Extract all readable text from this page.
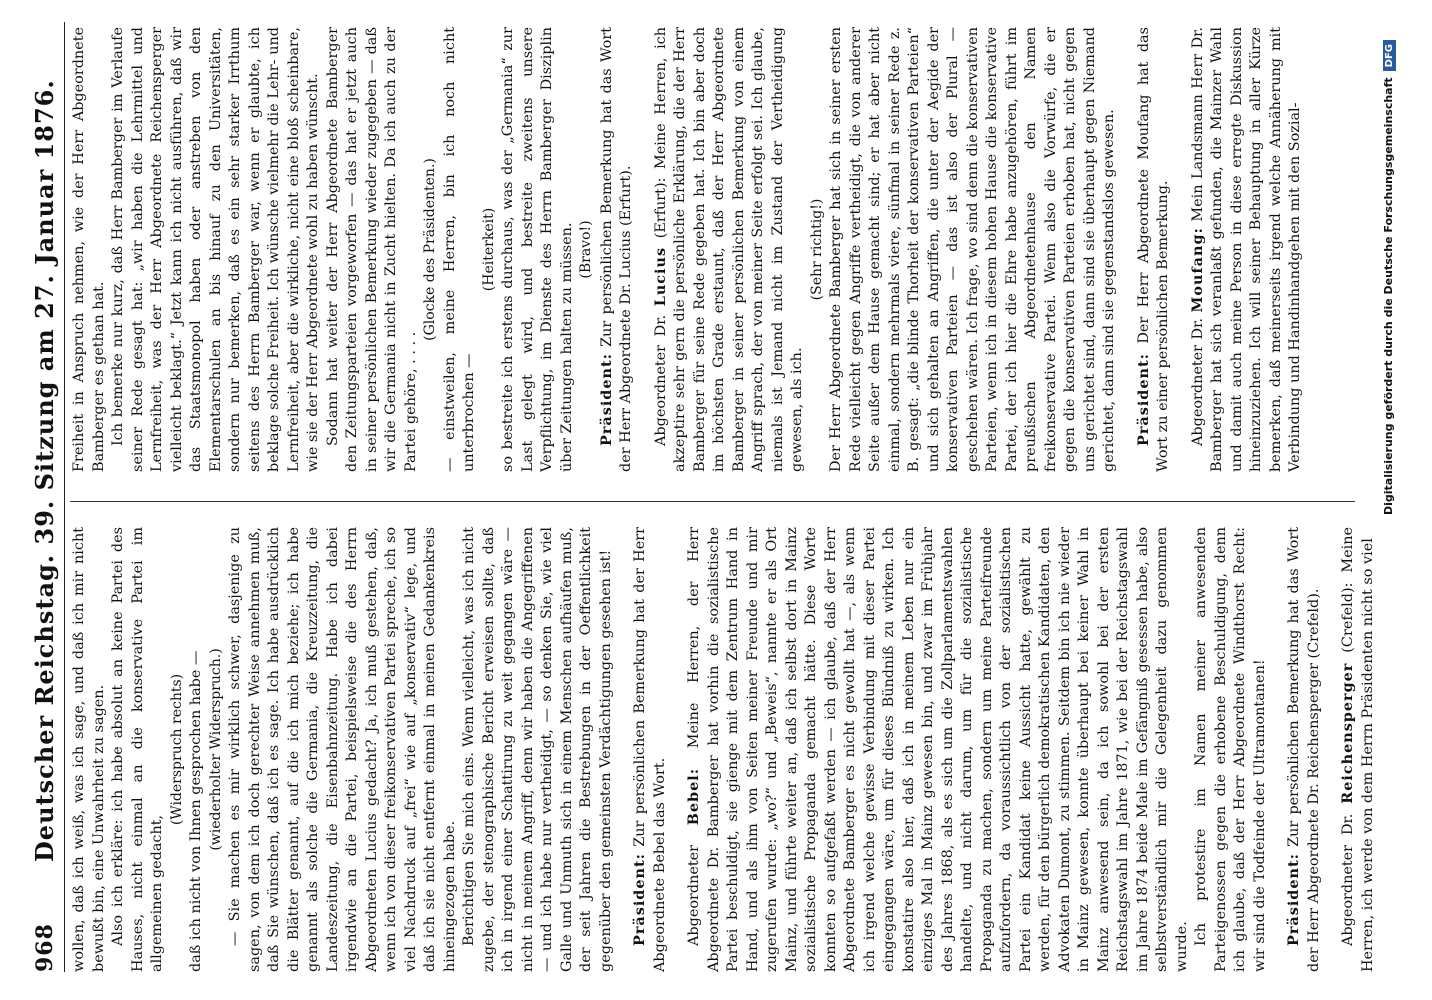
968
Deutscher Reichstag. 39. Sitzung am 27. Januar 1876. wollen, daß ich weiß, was ich sage, und daß ich mir nicht bewußt bin, eine Unwahrheit zu sagen. Also ich erkläre: ich habe absolut an keine Partei des Hauses, nicht einmal an die konservative Partei im allgemeinen gedacht,

(Widerspruch rechts) daß ich nicht von Ihnen gesprochen habe — (wiederholter Widerspruch.) — Sie machen es mir wirklich schwer, dasjenige zu sagen, von dem ich doch gerechter Weise annehmen muß, daß Sie wünschen, daß ich es sage. Ich habe ausdrücklich die Blätter genannt, auf die ich mich beziehe; ich habe genannt als solche die Germania, die Kreuzzeitung, die Landeszeitung, die Eisenbahnzeitung. Habe ich dabei irgendwie an die Partei, beispielsweise die des Herrn Abgeordneten Lucius gedacht? Ja, ich muß gestehen, daß, wenn ich von dieser freikonservativen Partei spreche, ich so viel Nachdruck auf „frei“ wie auf „konservativ“ lege, und daß ich sie nicht entfernt einmal in meinen Gedankenkreis hineingezogen habe. Berichtigen Sie mich eins. Wenn vielleicht, was ich nicht zugebe, der stenographische Bericht erweisen sollte, daß ich in irgend einer Schattirung zu weit gegangen wäre — nicht in meinem Angriff, denn wir haben die Angegriffenen — und ich habe nur vertheidigt, — so denken Sie, wie viel Galle und Unmuth sich in einem Menschen aufhäufen muß, der seit Jahren die Bestrebungen in der Oeffentlichkeit gegenüber den gemeinsten Verdächtigungen gesehen ist! Präsident: Zur persönlichen Bemerkung hat der Herr Abgeordnete Bebel das Wort. Abgeordneter Bebel: Meine Herren, der Herr Abgeordnete Dr. Bamberger hat vorhin die sozialistische Partei beschuldigt, sie gienge mit dem Zentrum Hand in Hand, und als ihm von Seiten meiner Freunde und mir zugerufen wurde: „wo?“ und „Beweis“, nannte er als Ort Mainz, und führte weiter an, daß ich selbst dort in Mainz sozialistische Propaganda gemacht hätte. Diese Worte konnten so aufgefaßt werden — ich glaube, daß der Herr Abgeordnete Bamberger es nicht gewollt hat —, als wenn ich irgend welche gewisse Verbindung mit dieser Partei eingegangen wäre, um für dieses Bündniß zu wirken. Ich konstatire also hier, daß ich in meinem Leben nur ein einziges Mal in Mainz gewesen bin, und zwar im Frühjahr des Jahres 1868, als es sich um die Zollparlamentswahlen handelte, und nicht darum, um für die sozialistische Propaganda zu machen, sondern um meine Parteifreunde aufzufordern, da voraussichtlich von der sozialistischen Partei ein Kandidat keine Aussicht hatte, gewählt zu werden, für den bürgerlich demokratischen Kandidaten, den Advokaten Dumont, zu stimmen. Seitdem bin ich nie wieder in Mainz gewesen, konnte überhaupt bei keiner Wahl in Mainz anwesend sein, da ich sowohl bei der ersten Reichstagswahl im Jahre 1871, wie bei der Reichstagswahl im Jahre 1874 beide Male im Gefängniß gesessen habe, also selbstverständlich mir die Gelegenheit dazu genommen wurde.

Ich protestire im Namen meiner anwesenden Parteigenossen gegen die erhobene Beschuldigung, denn ich glaube, daß der Herr Abgeordnete Windthorst Recht: wir sind die Todfeinde der Ultramontanen! Präsident: Zur persönlichen Bemerkung hat das Wort der Herr Abgeordnete Dr. Reichensperger (Crefeld). Abgeordneter Dr. Reichensperger (Crefeld): Meine Herren, ich werde von dem Herrn Präsidenten nicht so viel

Freiheit in Anspruch nehmen, wie der Herr Abgeordnete Bamberger es gethan hat. Ich bemerke nur kurz, daß Herr Bamberger im Verlaufe seiner Rede gesagt hat: „wir haben die Lehrmittel und Lernfreiheit, was der Herr Abgeordnete Reichensperger vielleicht beklagt.“ Jetzt kann ich nicht ausführen, daß wir das Staatsmonopol haben oder anstreben von den Elementarschulen an bis hinauf zu den Universitäten, sondern nur bemerken, daß es ein sehr starker Irrthum seitens des Herrn Bamberger war, wenn er glaubte, ich beklage solche Freiheit. Ich wünsche vielmehr die Lehr- und Lernfreiheit, aber die wirkliche, nicht eine bloß scheinbare, wie sie der Herr Abgeordnete wohl zu haben wünscht. Sodann hat weiter der Herr Abgeordnete Bamberger den Zeitungsparteien vorgeworfen — das hat er jetzt auch in seiner persönlichen Bemerkung wieder zugegeben — daß wir die Germania nicht in Zucht hielten. Da ich auch zu der Partei gehöre, . . . .

(Glocke des Präsidenten.) — einstweilen, meine Herren, bin ich noch nicht unterbrochen —

(Heiterkeit) so bestreite ich erstens durchaus, was der „Germania“ zur Last gelegt wird, und bestreite zweitens unsere Verpflichtung, im Dienste des Herrn Bamberger Disziplin über Zeitungen halten zu müssen. (Bravo!)

Präsident: Zur persönlichen Bemerkung hat das Wort der Herr Abgeordnete Dr. Lucius (Erfurt). Abgeordneter Dr. Lucius (Erfurt): Meine Herren, ich akzeptire sehr gern die persönliche Erklärung, die der Herr Bamberger für seine Rede gegeben hat. Ich bin aber doch im höchsten Grade erstaunt, daß der Herr Abgeordnete Bamberger in seiner persönlichen Bemerkung von einem Angriff sprach, der von meiner Seite erfolgt sei. Ich glaube, niemals ist Jemand nicht im Zustand der Vertheidigung gewesen, als ich.

(Sehr richtig!) Der Herr Abgeordnete Bamberger hat sich in seiner ersten Rede vielleicht gegen Angriffe vertheidigt, die von anderer Seite außer dem Hause gemacht sind; er hat aber nicht einmal, sondern mehrmals viere, sünfmal in seiner Rede z. B. gesagt: „die blinde Thorheit der konservativen Parteien“ und sich gehalten an Angriffen, die unter der Aegide der konservativen Parteien — das ist also der Plural — geschehen wären. Ich frage, wo sind denn die konservativen Parteien, wenn ich in diesem hohen Hause die konservative Partei, der ich hier die Ehre habe anzugehören, führt im preußischen Abgeordnetenhause den Namen freikonservative Partei. Wenn also die Vorwürfe, die er gegen die konservativen Parteien erhoben hat, nicht gegen uns gerichtet sind, dann sind sie überhaupt gegen Niemand gerichtet, dann sind sie gegenstandslos gewesen. Präsident: Der Herr Abgeordnete Moufang hat das Wort zu einer persönlichen Bemerkung. Abgeordneter Dr. Moufang: Mein Landsmann Herr Dr. Bamberger hat sich veranlaßt gefunden, die Mainzer Wahl und damit auch meine Person in diese erregte Diskussion hineinzuziehen. Ich will seiner Behauptung in aller Kürze bemerken, daß meinerseits irgend welche Annäherung mit Verbindung und Handinhandgehen mit den Sozial-	Digitalisierung gefördert durch die Deutsche ForschungsgemeinschaftDFG
